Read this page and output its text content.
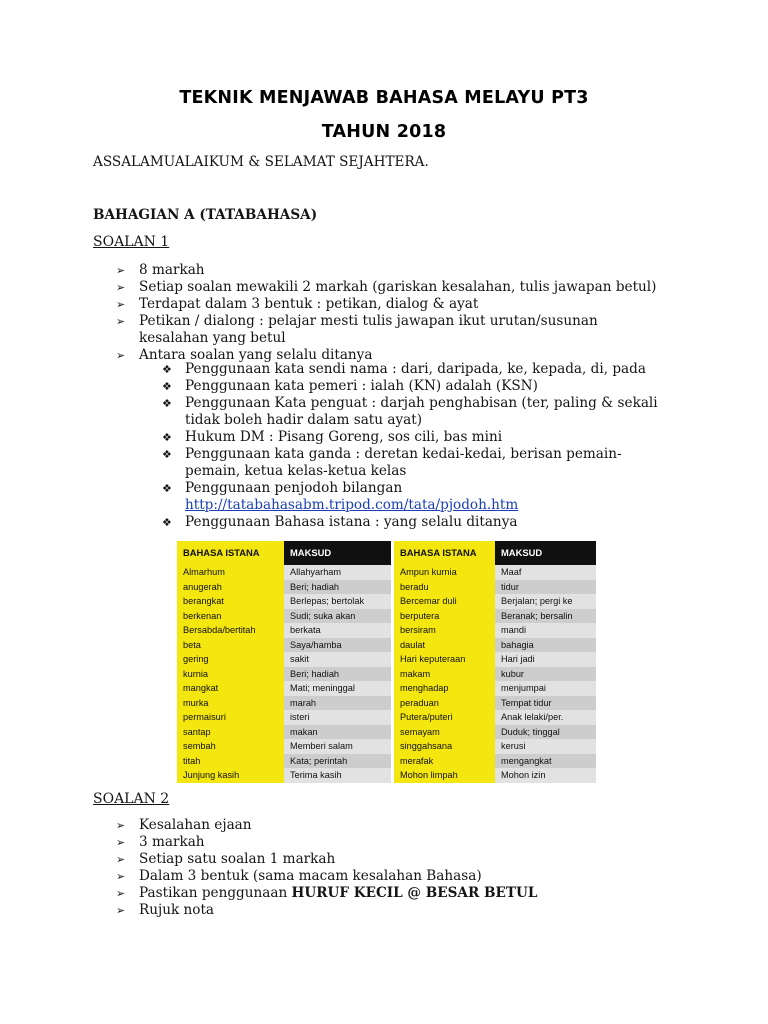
TEKNIK MENJAWAB BAHASA MELAYU PT3
TAHUN 2018
ASSALAMUALAIKUM & SELAMAT SEJAHTERA.
BAHAGIAN A (TATABAHASA)
SOALAN 1
➢	8 markah
➢	Setiap soalan mewakili 2 markah (gariskan kesalahan, tulis jawapan betul)
➢	Terdapat dalam 3 bentuk : petikan, dialog & ayat
➢	Petikan / dialong : pelajar mesti tulis jawapan ikut urutan/susunan kesalahan yang betul
➢	Antara soalan yang selalu ditanya
❖ Penggunaan kata sendi nama : dari, daripada, ke, kepada, di, pada
❖ Penggunaan kata pemeri : ialah (KN) adalah (KSN)
❖ Penggunaan Kata penguat : darjah penghabisan (ter, paling & sekali tidak boleh hadir dalam satu ayat)
❖ Hukum DM : Pisang Goreng, sos cili, bas mini
❖ Penggunaan kata ganda : deretan kedai-kedai, berisan pemain-pemain, ketua kelas-ketua kelas
❖ Penggunaan penjodoh bilangan
http://tatabahasabm.tripod.com/tata/pjodoh.htm
❖ Penggunaan Bahasa istana : yang selalu ditanya
BAHASA ISTANA	MAKSUD		BAHASA ISTANA	MAKSUD
Almarhum	Allahyarham		Ampun kurnia	Maaf
anugerah	Beri; hadiah		beradu	tidur
berangkat	Berlepas; bertolak		Bercemar duli	Berjalan; pergi ke
berkenan	Sudi; suka akan		berputera	Beranak; bersalin
Bersabda/bertitah	berkata		bersiram	mandi
beta	Saya/hamba		daulat	bahagia
gering	sakit		Hari keputeraan	Hari jadi
kurnia	Beri; hadiah		makam	kubur
mangkat	Mati; meninggal		menghadap	menjumpai
murka	marah		peraduan	Tempat tidur
permaisuri	isteri		Putera/puteri	Anak lelaki/per.
santap	makan		semayam	Duduk; tinggal
sembah	Memberi salam		singgahsana	kerusi
titah	Kata; perintah		merafak	mengangkat
Junjung kasih	Terima kasih		Mohon limpah	Mohon izin
SOALAN 2
➢	Kesalahan ejaan
➢	3 markah
➢	Setiap satu soalan 1 markah
➢	Dalam 3 bentuk (sama macam kesalahan Bahasa)
➢	Pastikan penggunaan HURUF KECIL @ BESAR BETUL
➢	Rujuk nota
